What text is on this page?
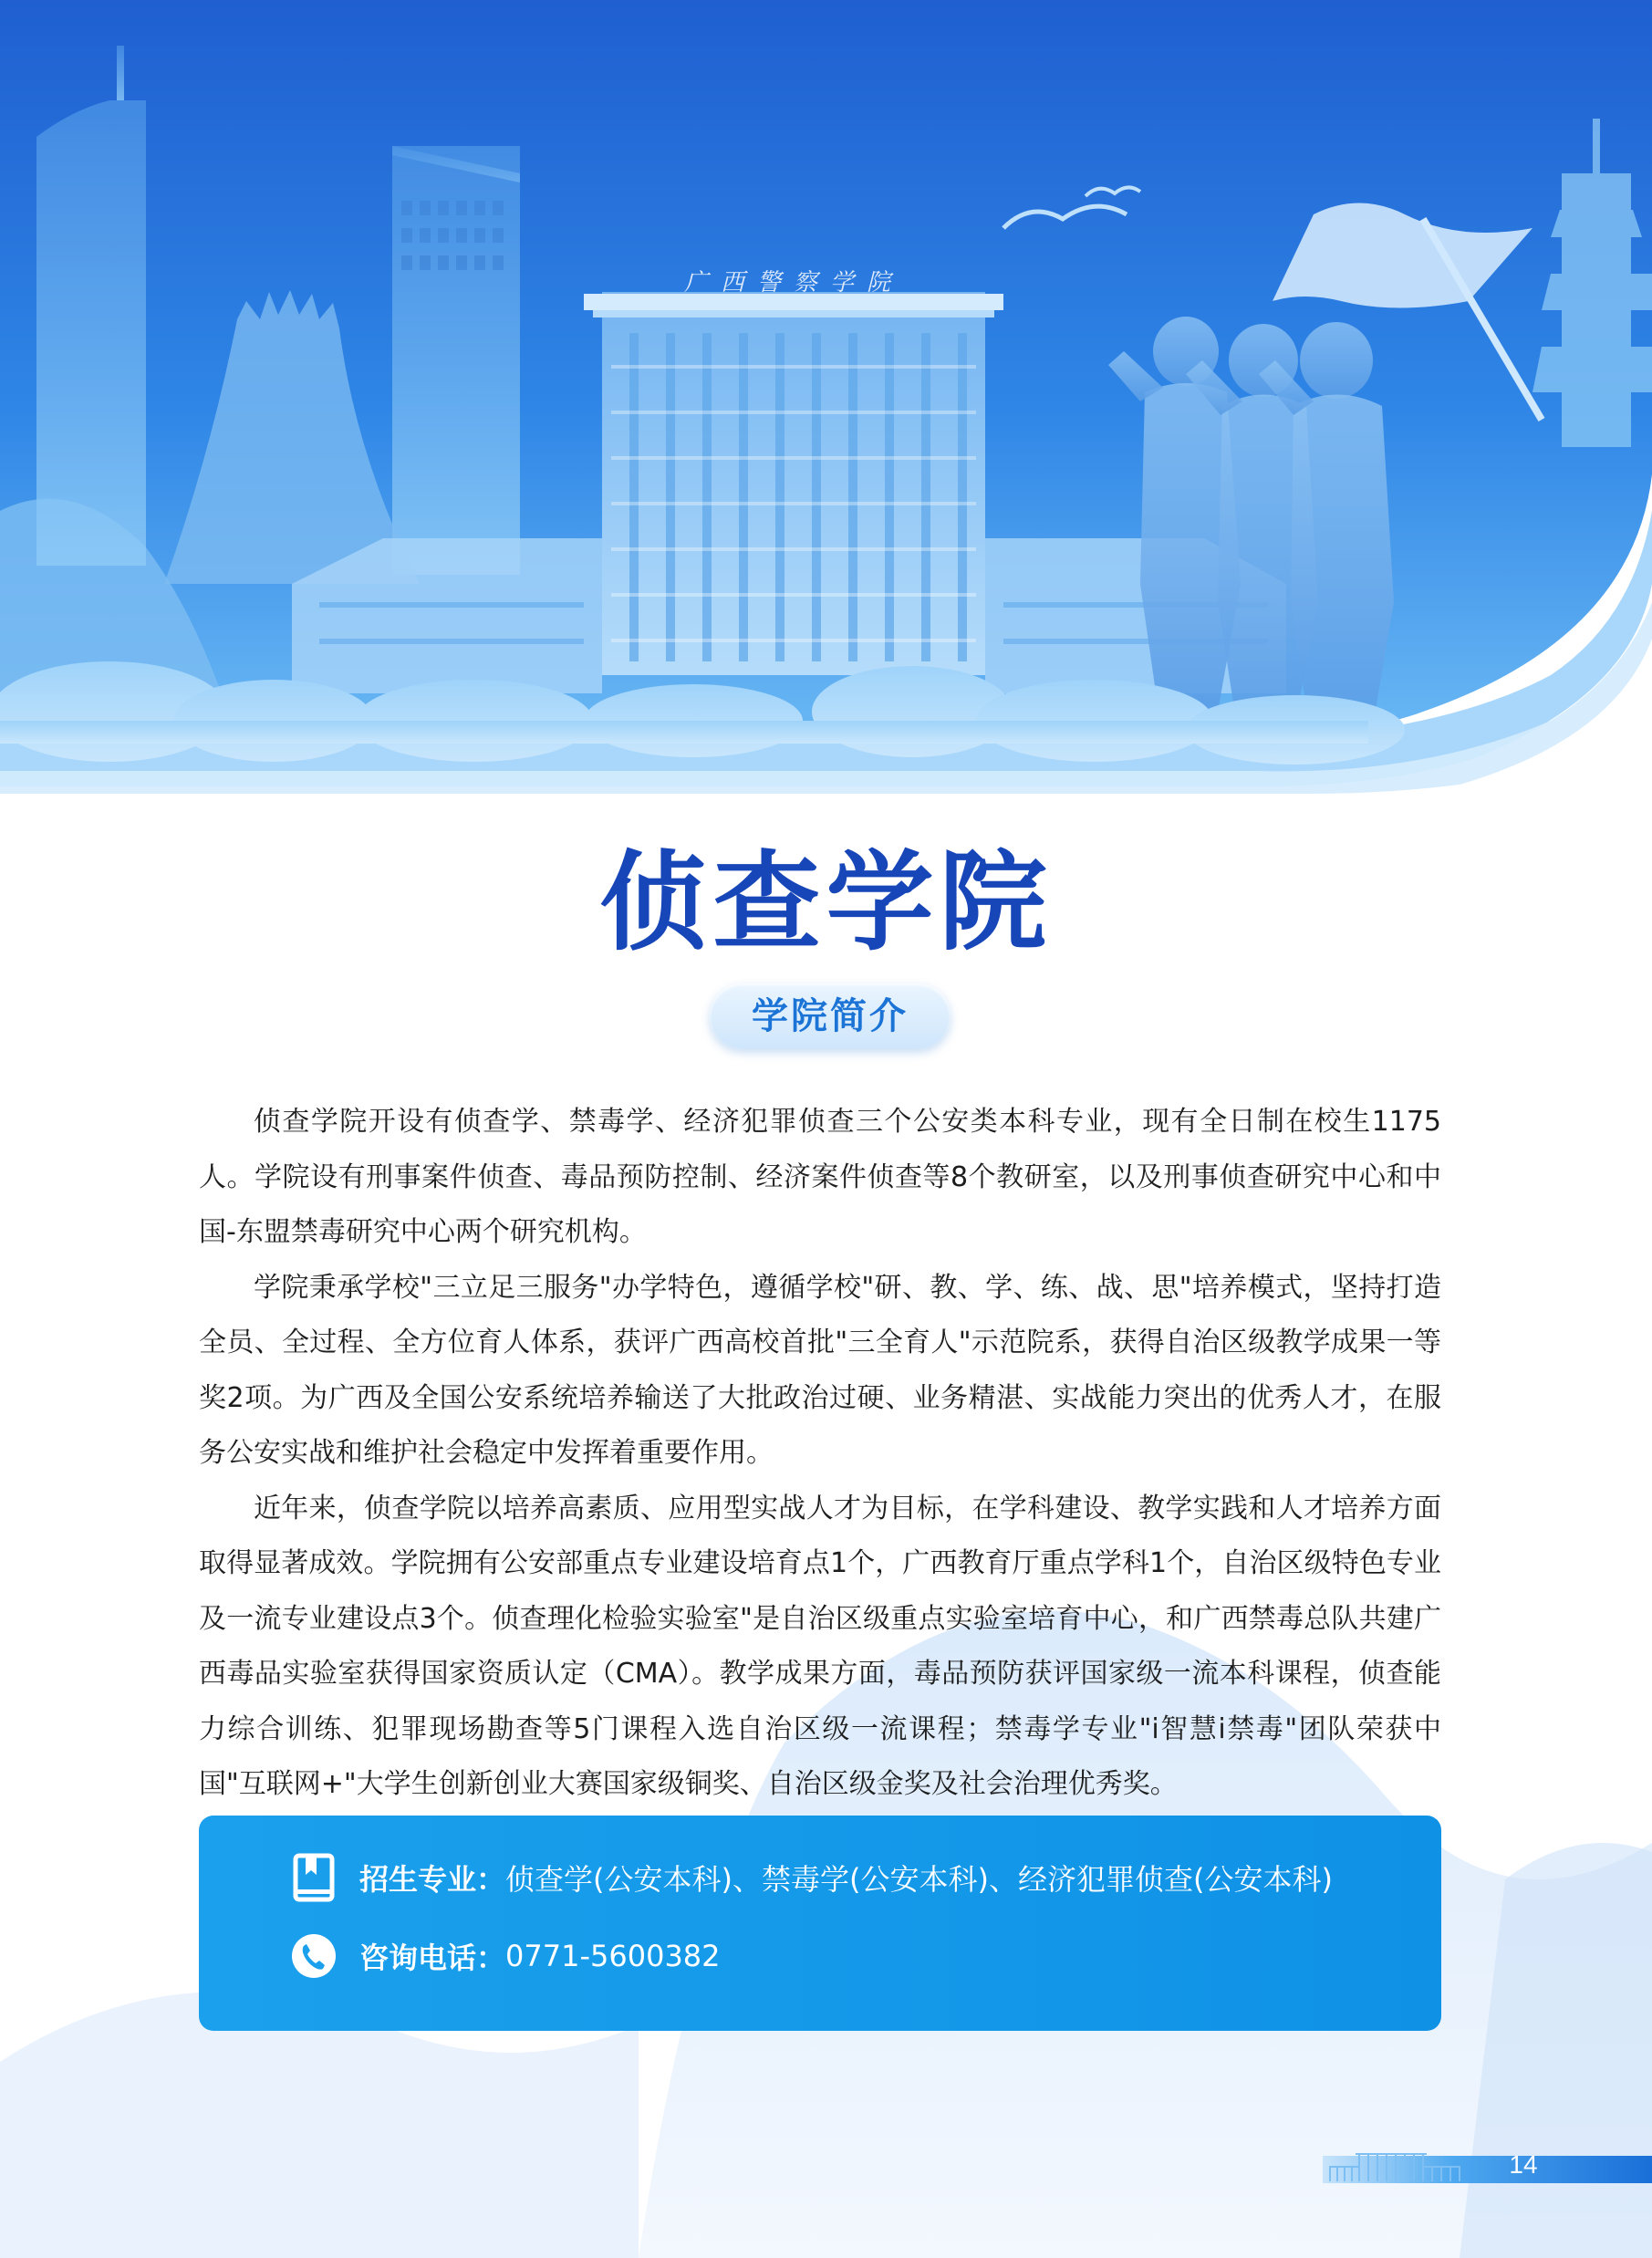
广西警察学院
侦查学院
学院简介

侦查学院开设有侦查学、禁毒学、经济犯罪侦查三个公安类本科专业，现有全日制在校生1175人。学院设有刑事案件侦查、毒品预防控制、经济案件侦查等8个教研室，以及刑事侦查研究中心和中国-东盟禁毒研究中心两个研究机构。

学院秉承学校"三立足三服务"办学特色，遵循学校"研、教、学、练、战、思"培养模式，坚持打造全员、全过程、全方位育人体系，获评广西高校首批"三全育人"示范院系，获得自治区级教学成果一等奖2项。为广西及全国公安系统培养输送了大批政治过硬、业务精湛、实战能力突出的优秀人才，在服务公安实战和维护社会稳定中发挥着重要作用。

近年来，侦查学院以培养高素质、应用型实战人才为目标，在学科建设、教学实践和人才培养方面取得显著成效。学院拥有公安部重点专业建设培育点1个，广西教育厅重点学科1个，自治区级特色专业及一流专业建设点3个。侦查理化检验实验室"是自治区级重点实验室培育中心，和广西禁毒总队共建广西毒品实验室获得国家资质认定（CMA）。教学成果方面，毒品预防获评国家级一流本科课程，侦查能力综合训练、犯罪现场勘查等5门课程入选自治区级一流课程；禁毒学专业"i智慧i禁毒"团队荣获中国"互联网+"大学生创新创业大赛国家级铜奖、自治区级金奖及社会治理优秀奖。

招生专业： 侦查学(公安本科)、禁毒学(公安本科)、经济犯罪侦查(公安本科)
咨询电话： 0771-5600382
14
